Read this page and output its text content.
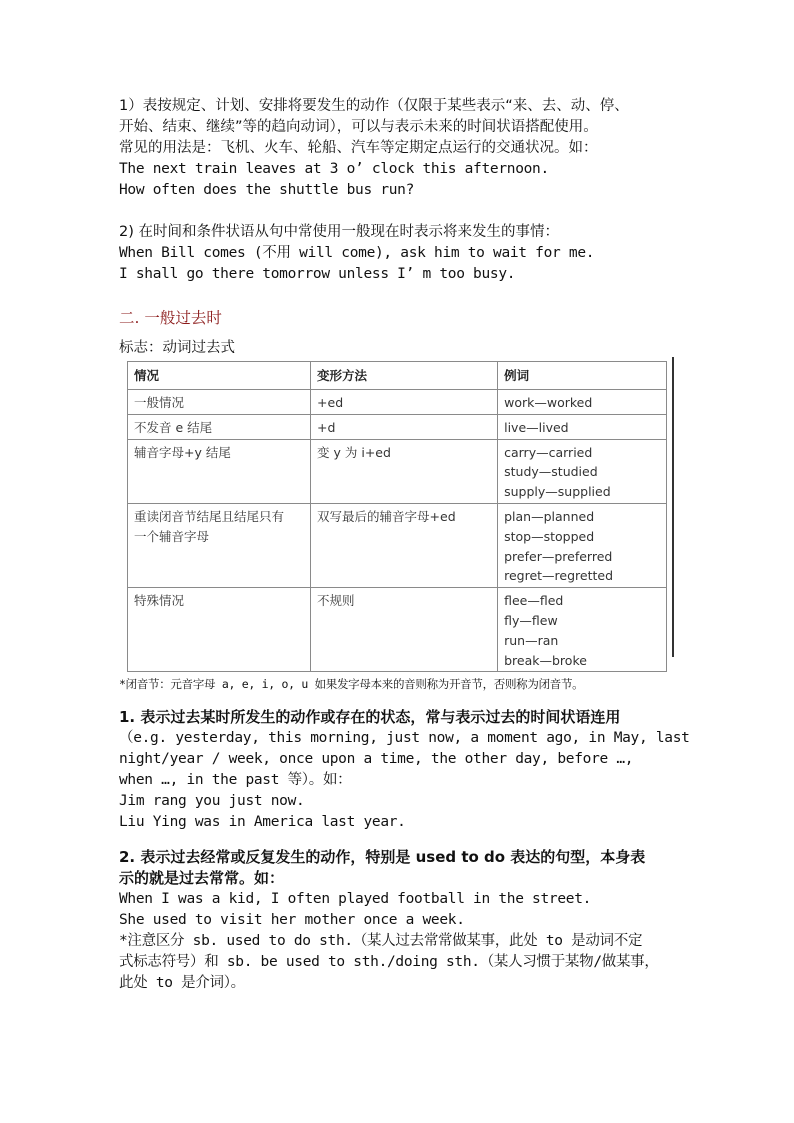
1）表按规定、计划、安排将要发生的动作（仅限于某些表示“来、去、动、停、
开始、结束、继续”等的趋向动词），可以与表示未来的时间状语搭配使用。
常见的用法是：飞机、火车、轮船、汽车等定期定点运行的交通状况。如：
The next train leaves at 3 o’ clock this afternoon.
How often does the shuttle bus run?
2) 在时间和条件状语从句中常使用一般现在时表示将来发生的事情：
When Bill comes (不用 will come), ask him to wait for me.
I shall go there tomorrow unless I’ m too busy.
二. 一般过去时
标志：动词过去式
情况	变形方法	例词

一般情况	+ed	work—worked

不发音 e 结尾	+d	live—lived

辅音字母+y 结尾	变 y 为 i+ed	carry—carried
study—studied
supply—supplied

重读闭音节结尾且结尾只有
一个辅音字母	双写最后的辅音字母+ed	plan—planned
stop—stopped
prefer—preferred
regret—regretted

特殊情况	不规则	flee—fled
fly—flew
run—ran
break—broke
*闭音节：元音字母 a, e, i, o, u 如果发字母本来的音则称为开音节，否则称为闭音节。
1. 表示过去某时所发生的动作或存在的状态，常与表示过去的时间状语连用
（e.g. yesterday, this morning, just now, a moment ago, in May, last
night/year / week, once upon a time, the other day, before …,
when …, in the past 等）。如：
Jim rang you just now.
Liu Ying was in America last year.
2. 表示过去经常或反复发生的动作，特别是 used to do 表达的句型，本身表
示的就是过去常常。如：
When I was a kid, I often played football in the street.
She used to visit her mother once a week.
*注意区分 sb. used to do sth.（某人过去常常做某事，此处 to 是动词不定
式标志符号）和 sb. be used to sth./doing sth.（某人习惯于某物/做某事，
此处 to 是介词）。
